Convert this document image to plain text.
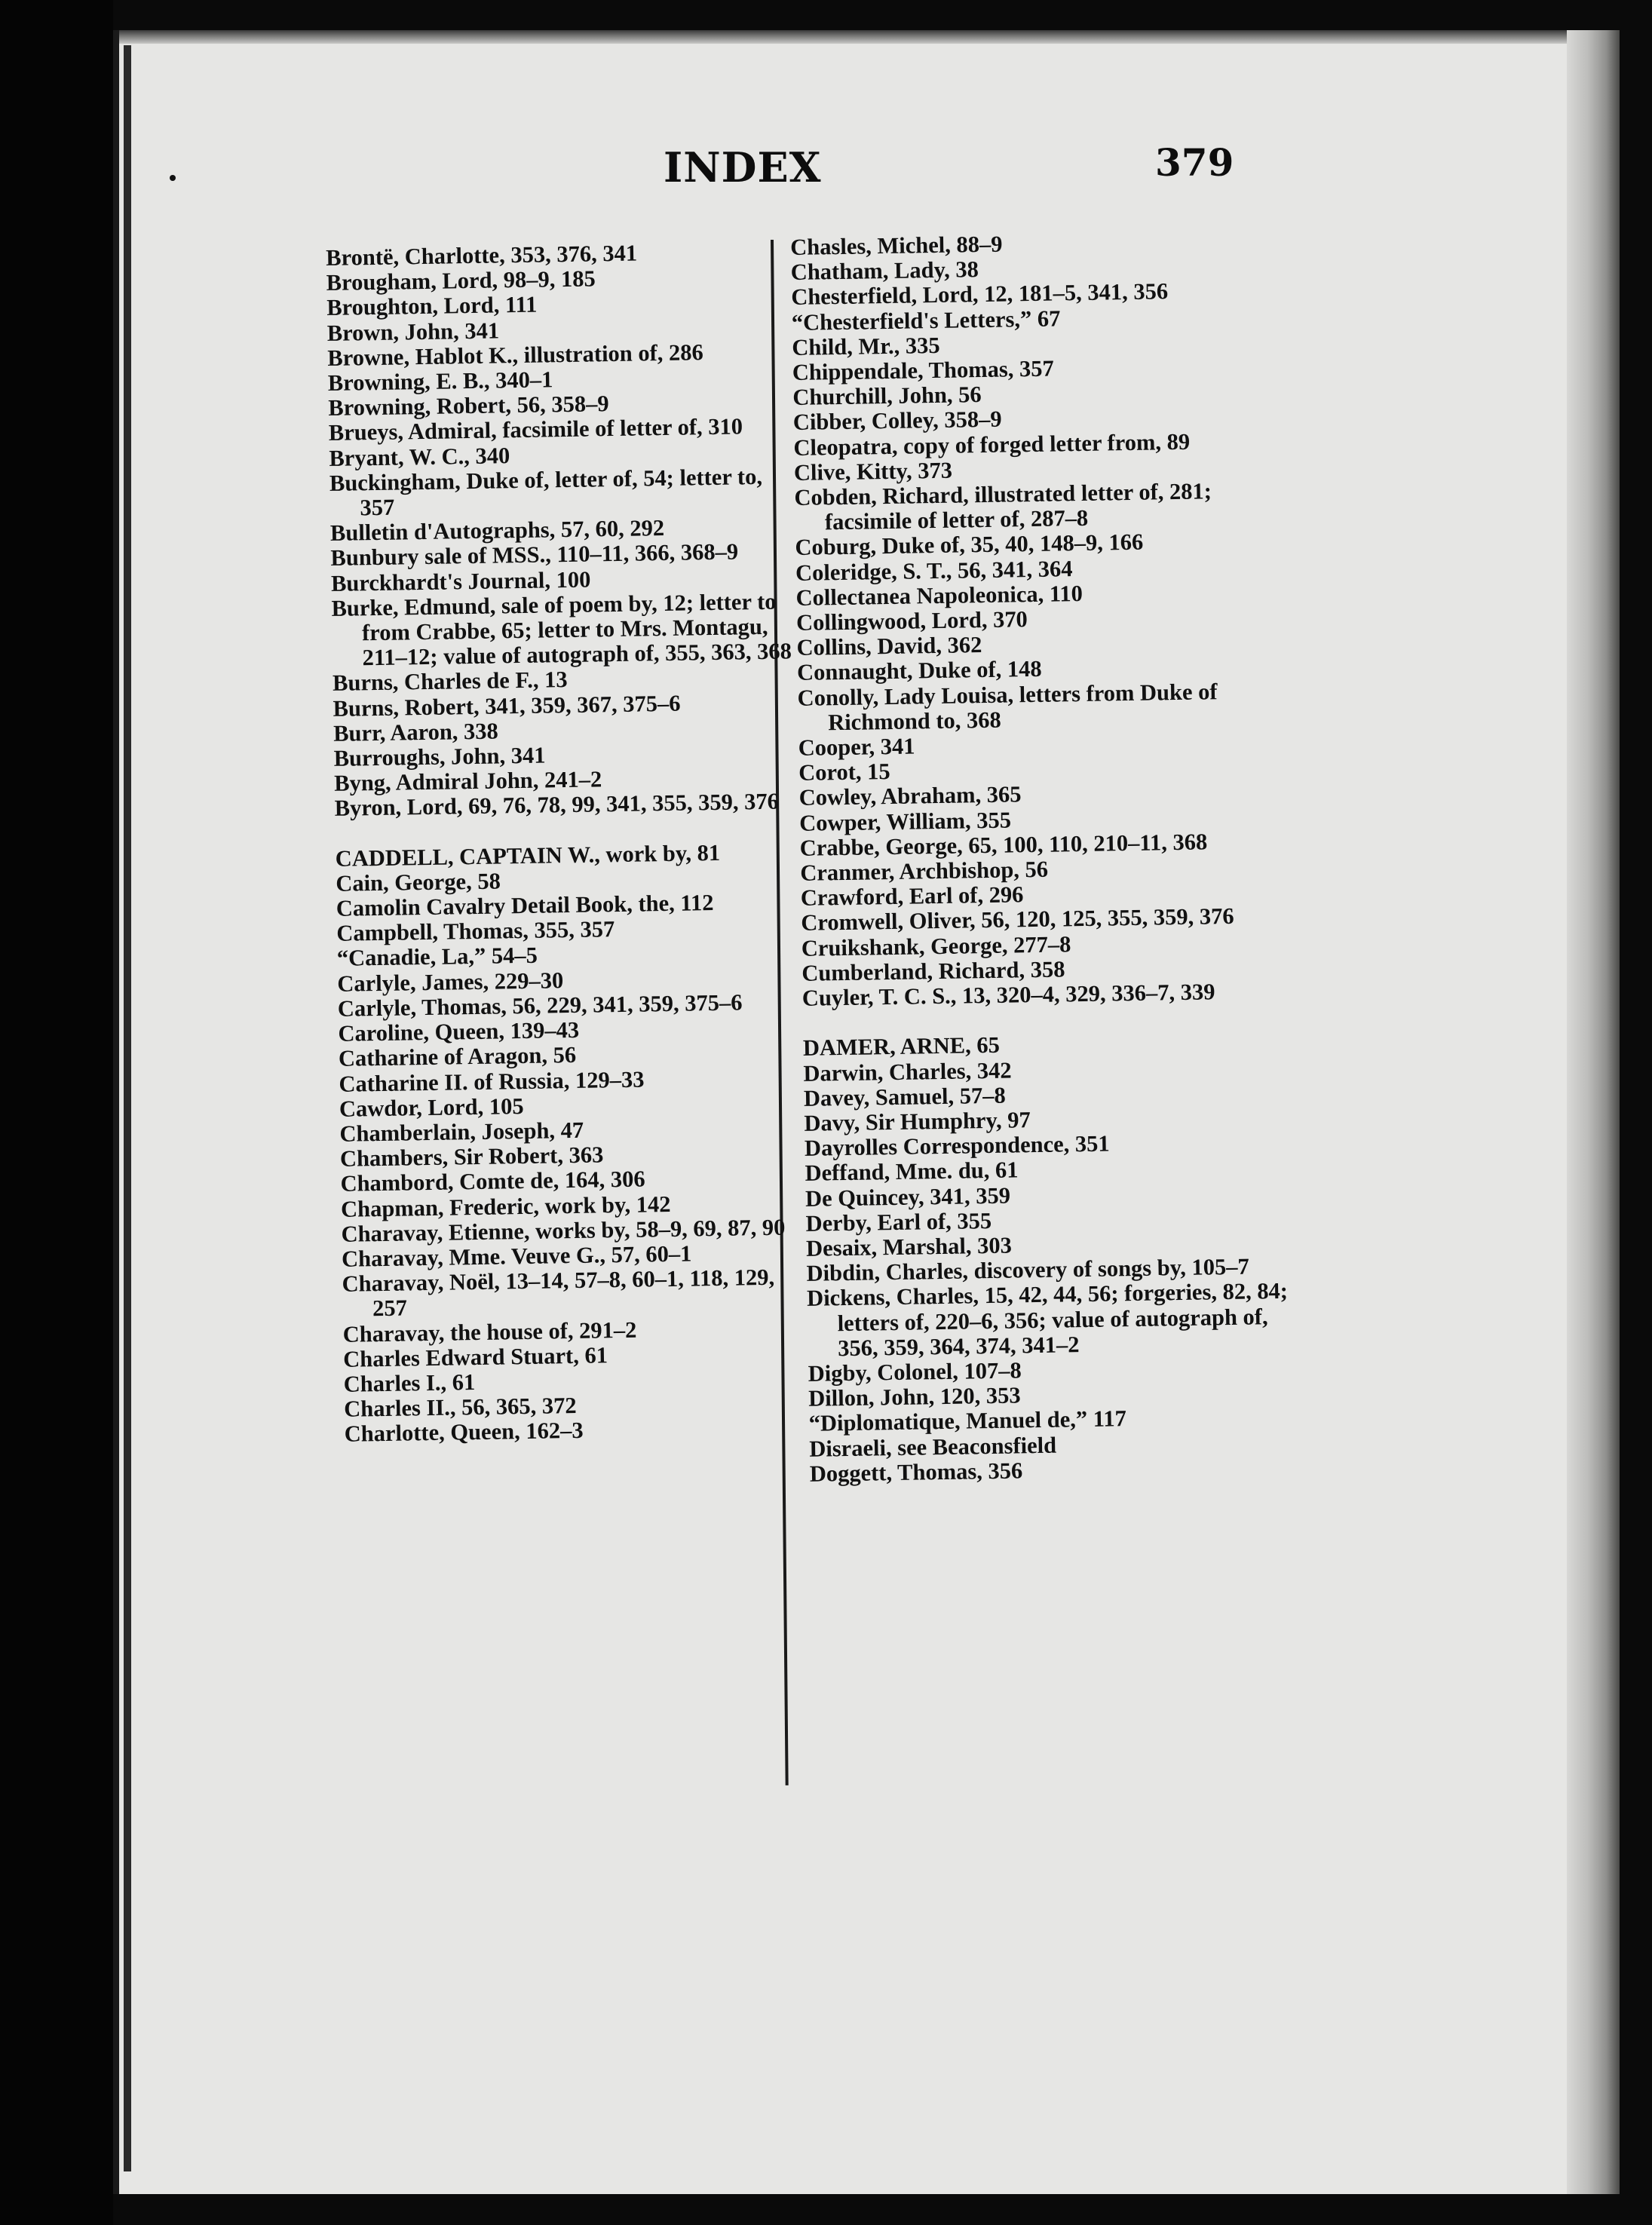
INDEX	379
Brontë, Charlotte, 353, 376, 341
Brougham, Lord, 98–9, 185
Broughton, Lord, 111
Brown, John, 341
Browne, Hablot K., illustration of, 286
Browning, E. B., 340–1
Browning, Robert, 56, 358–9
Brueys, Admiral, facsimile of letter of, 310
Bryant, W. C., 340
Buckingham, Duke of, letter of, 54; letter to, 357
Bulletin d'Autographs, 57, 60, 292
Bunbury sale of MSS., 110–11, 366, 368–9
Burckhardt's Journal, 100
Burke, Edmund, sale of poem by, 12; letter to from Crabbe, 65; letter to Mrs. Montagu, 211–12; value of autograph of, 355, 363, 368
Burns, Charles de F., 13
Burns, Robert, 341, 359, 367, 375–6
Burr, Aaron, 338
Burroughs, John, 341
Byng, Admiral John, 241–2
Byron, Lord, 69, 76, 78, 99, 341, 355, 359, 376
CADDELL, CAPTAIN W., work by, 81
Cain, George, 58
Camolin Cavalry Detail Book, the, 112
Campbell, Thomas, 355, 357
“Canadie, La,” 54–5
Carlyle, James, 229–30
Carlyle, Thomas, 56, 229, 341, 359, 375–6
Caroline, Queen, 139–43
Catharine of Aragon, 56
Catharine II. of Russia, 129–33
Cawdor, Lord, 105
Chamberlain, Joseph, 47
Chambers, Sir Robert, 363
Chambord, Comte de, 164, 306
Chapman, Frederic, work by, 142
Charavay, Etienne, works by, 58–9, 69, 87, 90
Charavay, Mme. Veuve G., 57, 60–1
Charavay, Noël, 13–14, 57–8, 60–1, 118, 129, 257
Charavay, the house of, 291–2
Charles Edward Stuart, 61
Charles I., 61
Charles II., 56, 365, 372
Charlotte, Queen, 162–3
Chasles, Michel, 88–9
Chatham, Lady, 38
Chesterfield, Lord, 12, 181–5, 341, 356
“Chesterfield's Letters,” 67
Child, Mr., 335
Chippendale, Thomas, 357
Churchill, John, 56
Cibber, Colley, 358–9
Cleopatra, copy of forged letter from, 89
Clive, Kitty, 373
Cobden, Richard, illustrated letter of, 281; facsimile of letter of, 287–8
Coburg, Duke of, 35, 40, 148–9, 166
Coleridge, S. T., 56, 341, 364
Collectanea Napoleonica, 110
Collingwood, Lord, 370
Collins, David, 362
Connaught, Duke of, 148
Conolly, Lady Louisa, letters from Duke of Richmond to, 368
Cooper, 341
Corot, 15
Cowley, Abraham, 365
Cowper, William, 355
Crabbe, George, 65, 100, 110, 210–11, 368
Cranmer, Archbishop, 56
Crawford, Earl of, 296
Cromwell, Oliver, 56, 120, 125, 355, 359, 376
Cruikshank, George, 277–8
Cumberland, Richard, 358
Cuyler, T. C. S., 13, 320–4, 329, 336–7, 339
DAMER, ARNE, 65
Darwin, Charles, 342
Davey, Samuel, 57–8
Davy, Sir Humphry, 97
Dayrolles Correspondence, 351
Deffand, Mme. du, 61
De Quincey, 341, 359
Derby, Earl of, 355
Desaix, Marshal, 303
Dibdin, Charles, discovery of songs by, 105–7
Dickens, Charles, 15, 42, 44, 56; forgeries, 82, 84; letters of, 220–6, 356; value of autograph of, 356, 359, 364, 374, 341–2
Digby, Colonel, 107–8
Dillon, John, 120, 353
“Diplomatique, Manuel de,” 117
Disraeli, see Beaconsfield
Doggett, Thomas, 356
